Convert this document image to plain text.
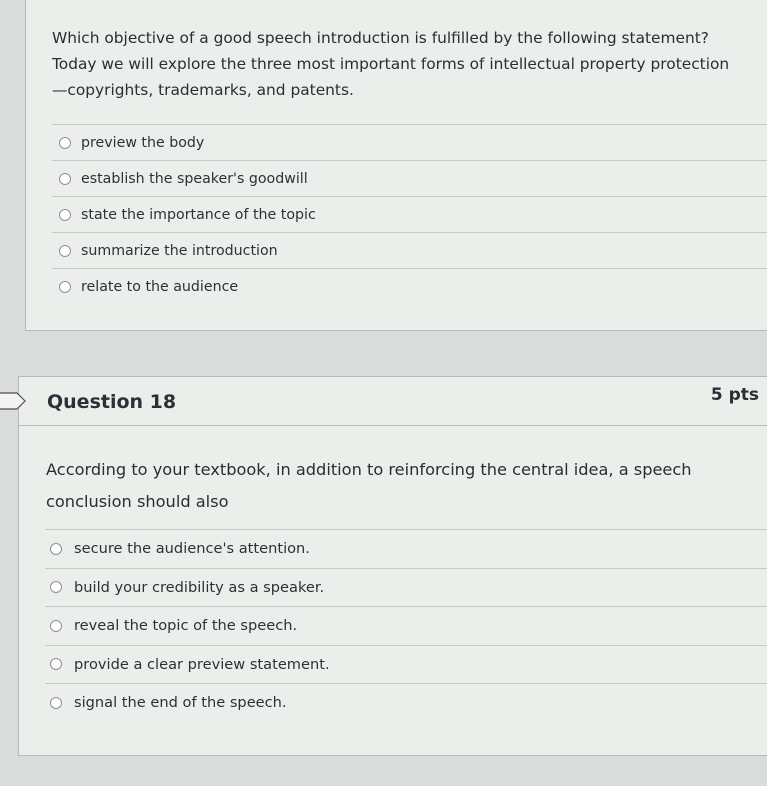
Which objective of a good speech introduction is fulfilled by the following statement?
Today we will explore the three most important forms of intellectual property protection—copyrights, trademarks, and patents.
preview the body
establish the speaker's goodwill
state the importance of the topic
summarize the introduction
relate to the audience
Question 18	5 pts
According to your textbook, in addition to reinforcing the central idea, a speech conclusion should also
secure the audience's attention.
build your credibility as a speaker.
reveal the topic of the speech.
provide a clear preview statement.
signal the end of the speech.
